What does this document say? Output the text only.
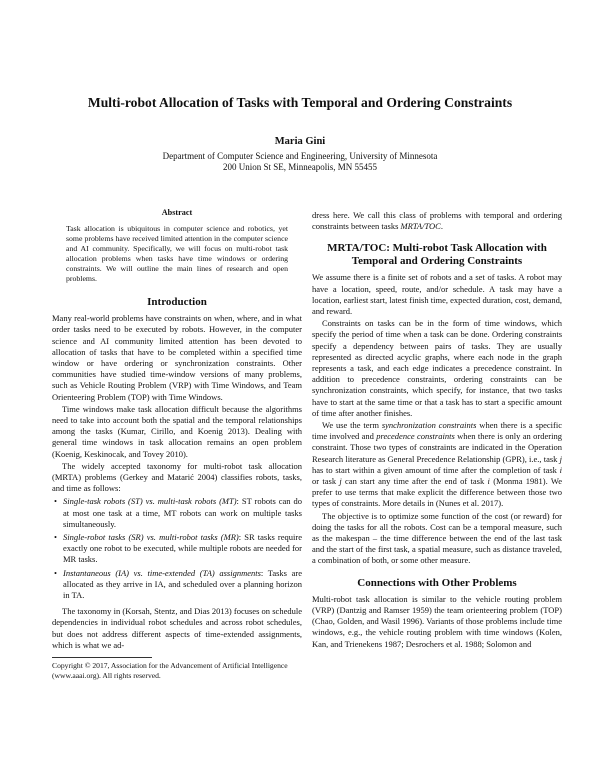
Multi-robot Allocation of Tasks with Temporal and Ordering Constraints
Maria Gini
Department of Computer Science and Engineering, University of Minnesota
200 Union St SE, Minneapolis, MN 55455
Abstract
Task allocation is ubiquitous in computer science and robotics, yet some problems have received limited attention in the computer science and AI community. Specifically, we will focus on multi-robot task allocation problems when tasks have time windows or ordering constraints. We will outline the main lines of research and open problems.
Introduction

Many real-world problems have constraints on when, where, and in what order tasks need to be executed by robots. However, in the computer science and AI community limited attention has been devoted to allocation of tasks that have to be completed within a specified time window or have ordering or synchronization constraints. Other communities have studied time-window versions of many problems, such as Vehicle Routing Problem (VRP) with Time Windows, and Team Orienteering Problem (TOP) with Time Windows.

Time windows make task allocation difficult because the algorithms need to take into account both the spatial and the temporal relationships among the tasks (Kumar, Cirillo, and Koenig 2013). Dealing with general time windows in task allocation remains an open problem (Koenig, Keskinocak, and Tovey 2010).

The widely accepted taxonomy for multi-robot task allocation (MRTA) problems (Gerkey and Matarić 2004) classifies robots, tasks, and time as follows:

• Single-task robots (ST) vs. multi-task robots (MT): ST robots can do at most one task at a time, MT robots can work on multiple tasks simultaneously.
• Single-robot tasks (SR) vs. multi-robot tasks (MR): SR tasks require exactly one robot to be executed, while multiple robots are needed for MR tasks.
• Instantaneous (IA) vs. time-extended (TA) assignments: Tasks are allocated as they arrive in IA, and scheduled over a planning horizon in TA.

The taxonomy in (Korsah, Stentz, and Dias 2013) focuses on schedule dependencies in individual robot schedules and across robot schedules, but does not address different aspects of time-extended assignments, which is what we ad-

Copyright © 2017, Association for the Advancement of Artificial Intelligence (www.aaai.org). All rights reserved.

dress here. We call this class of problems with temporal and ordering constraints between tasks MRTA/TOC.

MRTA/TOC: Multi-robot Task Allocation with Temporal and Ordering Constraints

We assume there is a finite set of robots and a set of tasks. A robot may have a location, speed, route, and/or schedule. A task may have a location, earliest start, latest finish time, expected duration, cost, demand, and reward.

Constraints on tasks can be in the form of time windows, which specify the period of time when a task can be done. Ordering constraints specify a dependency between pairs of tasks. They are usually represented as directed acyclic graphs, where each node in the graph represents a task, and each edge indicates a precedence constraint. In addition to precedence constraints, ordering constraints can be synchronization constraints, which specify, for instance, that two tasks have to start at the same time or that a task has to start a specific amount of time after another finishes.

We use the term synchronization constraints when there is a specific time involved and precedence constraints when there is only an ordering constraint. Those two types of constraints are indicated in the Operation Research literature as General Precedence Relationship (GPR), i.e., task j has to start within a given amount of time after the completion of task i or task j can start any time after the end of task i (Monma 1981). We prefer to use terms that make explicit the difference between those two types of constraints. More details in (Nunes et al. 2017).

The objective is to optimize some function of the cost (or reward) for doing the tasks for all the robots. Cost can be a temporal measure, such as the makespan – the time difference between the end of the last task and the start of the first task, a spatial measure, such as distance traveled, a combination of both, or some other measure.

Connections with Other Problems

Multi-robot task allocation is similar to the vehicle routing problem (VRP) (Dantzig and Ramser 1959) the team orienteering problem (TOP) (Chao, Golden, and Wasil 1996). Variants of those problems include time windows, e.g., the vehicle routing problem with time windows (Kolen, Kan, and Trienekens 1987; Desrochers et al. 1988; Solomon and
